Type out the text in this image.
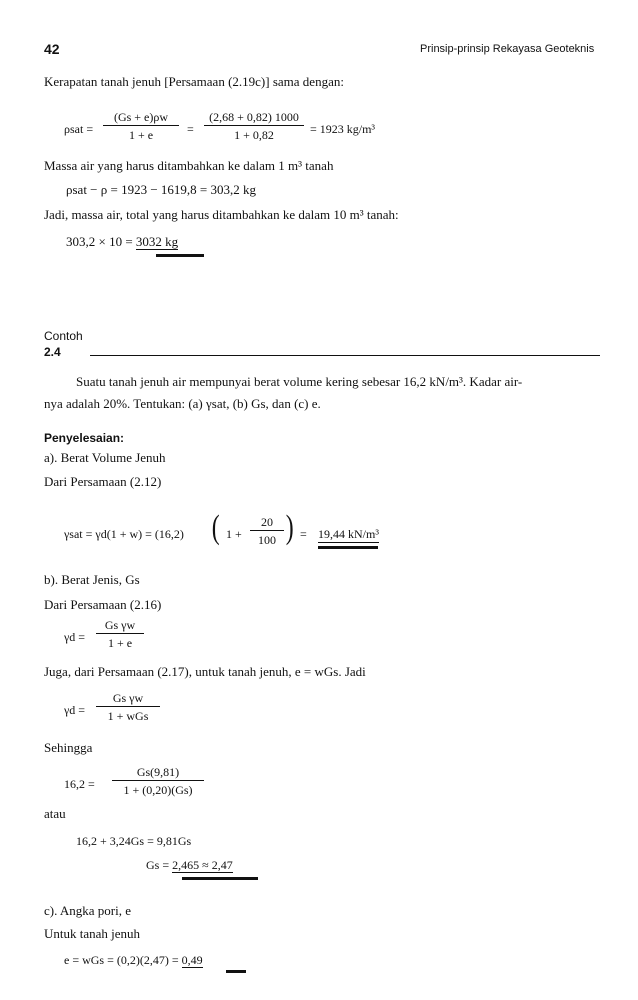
42	Prinsip-prinsip Rekayasa Geoteknis
Kerapatan tanah jenuh [Persamaan (2.19c)] sama dengan:
$\rho sat = \frac{(Gs + e)\rho w}{1 + e} = \frac{(2,68 + 0,82) 1000}{1 + 0,82} = 1923$ kg/m³
Massa air yang harus ditambahkan ke dalam 1 m³ tanah
ρsat − ρ = 1923 − 1619,8 = 303,2 kg
Jadi, massa air, total yang harus ditambahkan ke dalam 10 m³ tanah:
303,2 × 10 = 3032 kg
Contoh
2.4
Suatu tanah jenuh air mempunyai berat volume kering sebesar 16,2 kN/m³. Kadar air-
nya adalah 20%. Tentukan: (a) γsat, (b) Gs, dan (c) e.
Penyelesaian:
a). Berat Volume Jenuh
Dari Persamaan (2.12)
γsat = γd(1 + w) = (16,2) ( $1 + \frac{20}{100}$ ) = 19,44 kN/m³
b). Berat Jenis, Gs
Dari Persamaan (2.16)
$\gamma d = \frac{\text{Gs γw}}{1 + e}$
Juga, dari Persamaan (2.17), untuk tanah jenuh, e = wGs. Jadi
γd =
Gs γw
1 + wGs
Sehingga
$16,2 = \frac{Gs(9,81)}{1 + (0,20)(Gs)}$
atau
16,2 + 3,24Gs = 9,81Gs
Gs = 2,465 ≈ 2,47
c). Angka pori, e
Untuk tanah jenuh
e = wGs = (0,2)(2,47) = 0,49
